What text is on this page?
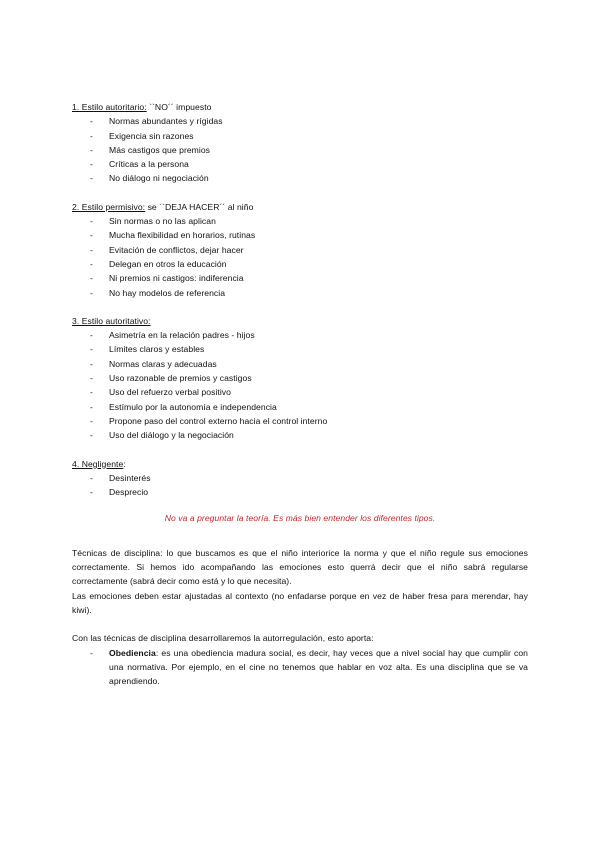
1. Estilo autoritario: ``NO´´ impuesto

- Normas abundantes y rígidas
- Exigencia sin razones
- Más castigos que premios
- Críticas a la persona
- No diálogo ni negociación

2. Estilo permisivo: se ``DEJA HACER´´ al niño

- Sin normas o no las aplican
- Mucha flexibilidad en horarios, rutinas
- Evitación de conflictos, dejar hacer
- Delegan en otros la educación
- Ni premios ni castigos: indiferencia
- No hay modelos de referencia

3. Estilo autoritativo:

- Asimetría en la relación padres - hijos
- Límites claros y estables
- Normas claras y adecuadas
- Uso razonable de premios y castigos
- Uso del refuerzo verbal positivo
- Estímulo por la autonomía e independencia
- Propone paso del control externo hacia el control interno
- Uso del diálogo y la negociación

4. Negligente:

- Desinterés
- Desprecio

No va a preguntar la teoría. Es más bien entender los diferentes tipos.

Técnicas de disciplina: lo que buscamos es que el niño interiorice la norma y que el niño regule sus emociones correctamente. Si hemos ido acompañando las emociones esto querrá decir que el niño sabrá regularse correctamente (sabrá decir como está y lo que necesita).

Las emociones deben estar ajustadas al contexto (no enfadarse porque en vez de haber fresa para merendar, hay kiwi).

Con las técnicas de disciplina desarrollaremos la autorregulación, esto aporta:

- Obediencia: es una obediencia madura social, es decir, hay veces que a nivel social hay que cumplir con una normativa. Por ejemplo, en el cine no tenemos que hablar en voz alta. Es una disciplina que se va aprendiendo.
